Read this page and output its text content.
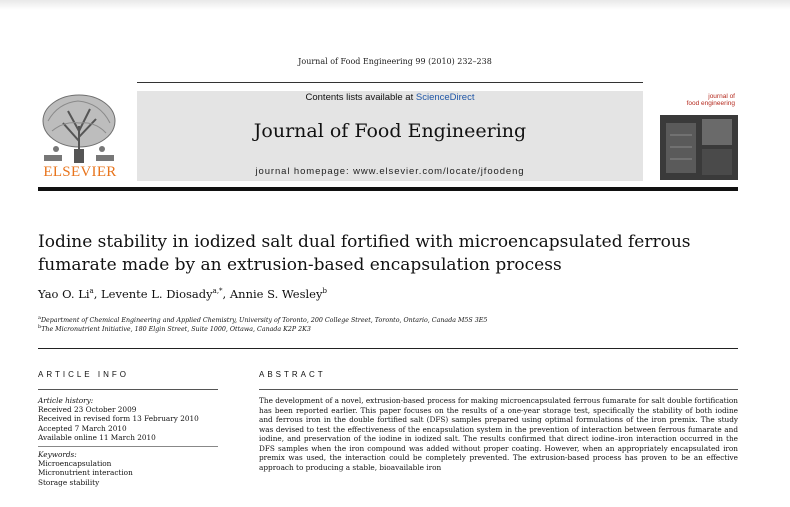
Journal of Food Engineering 99 (2010) 232–238
ELSEVIER
Contents lists available at ScienceDirect
Journal of Food Engineering
journal homepage: www.elsevier.com/locate/jfoodeng
journal of
food engineering
Iodine stability in iodized salt dual fortified with microencapsulated ferrous fumarate made by an extrusion-based encapsulation process
Yao O. Li$^a$, Levente L. Diosady$^{a,*}$, Annie S. Wesley$^b$
$^a$Department of Chemical Engineering and Applied Chemistry, University of Toronto, 200 College Street, Toronto, Ontario, Canada M5S 3E5
$^b$The Micronutrient Initiative, 180 Elgin Street, Suite 1000, Ottawa, Canada K2P 2K3
ARTICLE INFO	ABSTRACT
Article history:
Received 23 October 2009
Received in revised form 13 February 2010
Accepted 7 March 2010
Available online 11 March 2010
Keywords:
Microencapsulation
Micronutrient interaction
Storage stability

The development of a novel, extrusion-based process for making microencapsulated ferrous fumarate for salt double fortification has been reported earlier. This paper focuses on the results of a one-year storage test, specifically the stability of both iodine and ferrous iron in the double fortified salt (DFS) samples prepared using optimal formulations of the iron premix. The study was devised to test the effectiveness of the encapsulation system in the prevention of interaction between ferrous fumarate and iodine, and preservation of the iodine in iodized salt. The results confirmed that direct iodine–iron interaction occurred in the DFS samples when the iron compound was added without proper coating. However, when an appropriately encapsulated iron premix was used, the interaction could be completely prevented. The extrusion-based process has proven to be an effective approach to producing a stable, bioavailable iron
